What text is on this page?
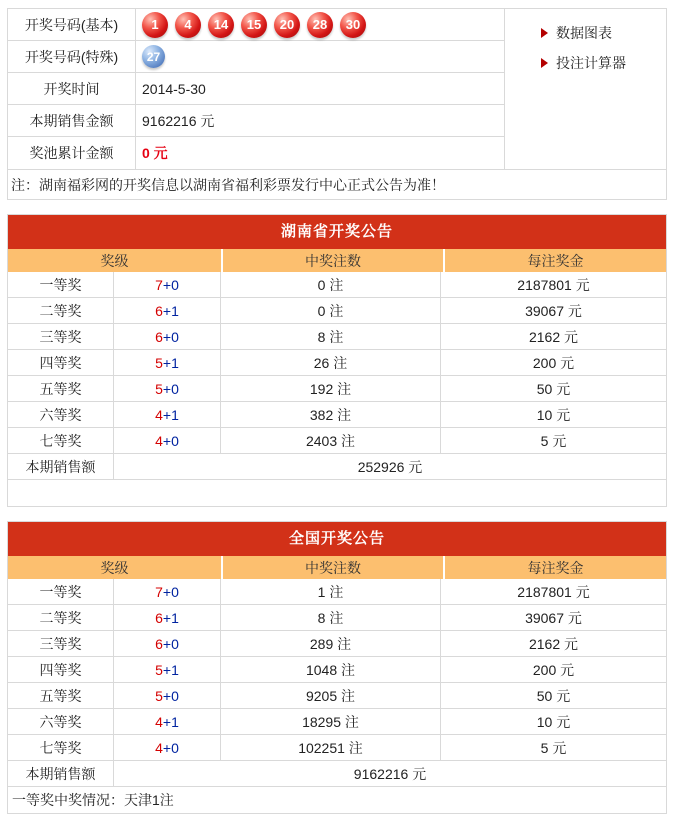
开奖号码(基本)	1	4	14	15	20	28	30
开奖号码(特殊)	27
开奖时间	2014-5-30
本期销售金额	9162216 元
奖池累计金额	0 元
数据图表
投注计算器
注：湖南福彩网的开奖信息以湖南省福利彩票发行中心正式公告为准！
湖南省开奖公告
奖级	中奖注数	每注奖金
一等奖	7 +0	0 注	2187801 元
二等奖	6 +1	0 注	39067 元
三等奖	6 +0	8 注	2162 元
四等奖	5 +1	26 注	200 元
五等奖	5 +0	192 注	50 元
六等奖	4 +1	382 注	10 元
七等奖	4 +0	2403 注	5 元
本期销售额	252926 元
全国开奖公告
奖级	中奖注数	每注奖金
一等奖	7 +0	1 注	2187801 元
二等奖	6 +1	8 注	39067 元
三等奖	6 +0	289 注	2162 元
四等奖	5 +1	1048 注	200 元
五等奖	5 +0	9205 注	50 元
六等奖	4 +1	18295 注	10 元
七等奖	4 +0	102251 注	5 元
本期销售额	9162216 元
一等奖中奖情况：天津1注
